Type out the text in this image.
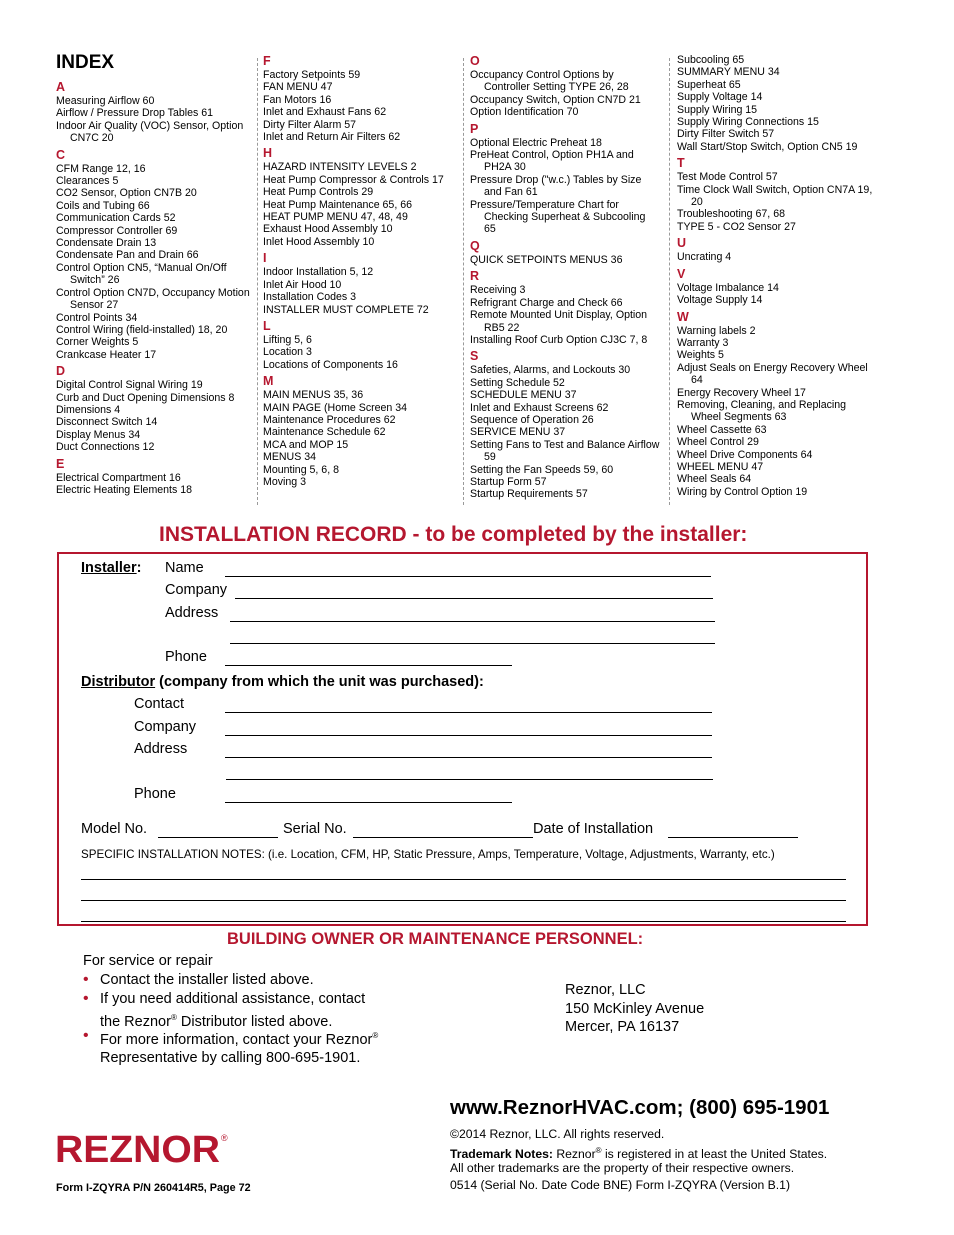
INDEX
A
Measuring Airflow 60
Airflow / Pressure Drop Tables 61
Indoor Air Quality (VOC) Sensor, Option CN7C 20
C
CFM Range 12, 16
Clearances 5
CO2 Sensor, Option CN7B 20
Coils and Tubing 66
Communication Cards 52
Compressor Controller 69
Condensate Drain 13
Condensate Pan and Drain 66
Control Option CN5, “Manual On/Off Switch” 26
Control Option CN7D, Occupancy Motion Sensor 27
Control Points 34
Control Wiring (field-installed) 18, 20
Corner Weights 5
Crankcase Heater 17
D
Digital Control Signal Wiring 19
Curb and Duct Opening Dimensions 8
Dimensions 4
Disconnect Switch 14
Display Menus 34
Duct Connections 12
E
Electrical Compartment 16
Electric Heating Elements 18
F
Factory Setpoints 59
FAN MENU 47
Fan Motors 16
Inlet and Exhaust Fans 62
Dirty Filter Alarm 57
Inlet and Return Air Filters 62
H
HAZARD INTENSITY LEVELS 2
Heat Pump Compressor & Controls 17
Heat Pump Controls 29
Heat Pump Maintenance 65, 66
HEAT PUMP MENU 47, 48, 49
Exhaust Hood Assembly 10
Inlet Hood Assembly 10
I
Indoor Installation 5, 12
Inlet Air Hood 10
Installation Codes 3
INSTALLER MUST COMPLETE 72
L
Lifting 5, 6
Location 3
Locations of Components 16
M
MAIN MENUS 35, 36
MAIN PAGE (Home Screen 34
Maintenance Procedures 62
Maintenance Schedule 62
MCA and MOP 15
MENUS 34
Mounting 5, 6, 8
Moving 3
O
Occupancy Control Options by Controller Setting TYPE 26, 28
Occupancy Switch, Option CN7D 21
Option Identification 70
P
Optional Electric Preheat 18
PreHeat Control, Option PH1A and PH2A 30
Pressure Drop ("w.c.) Tables by Size and Fan 61
Pressure/Temperature Chart for Checking Superheat & Subcooling 65
Q
QUICK SETPOINTS MENUS 36
R
Receiving 3
Refrigrant Charge and Check 66
Remote Mounted Unit Display, Option RB5 22
Installing Roof Curb Option CJ3C 7, 8
S
Safeties, Alarms, and Lockouts 30
Setting Schedule 52
SCHEDULE MENU 37
Inlet and Exhaust Screens 62
Sequence of Operation 26
SERVICE MENU 37
Setting Fans to Test and Balance Airflow 59
Setting the Fan Speeds 59, 60
Startup Form 57
Startup Requirements 57
Subcooling 65
SUMMARY MENU 34
Superheat 65
Supply Voltage 14
Supply Wiring 15
Supply Wiring Connections 15
Dirty Filter Switch 57
Wall Start/Stop Switch, Option CN5 19
T
Test Mode Control 57
Time Clock Wall Switch, Option CN7A 19, 20
Troubleshooting 67, 68
TYPE 5 - CO2 Sensor 27
U
Uncrating 4
V
Voltage Imbalance 14
Voltage Supply 14
W
Warning labels 2
Warranty 3
Weights 5
Adjust Seals on Energy Recovery Wheel 64
Energy Recovery Wheel 17
Removing, Cleaning, and Replacing Wheel Segments 63
Wheel Cassette 63
Wheel Control 29
Wheel Drive Components 64
WHEEL MENU 47
Wheel Seals 64
Wiring by Control Option 19
INSTALLATION RECORD - to be completed by the installer:
Installer: Name
Company
Address
Phone
Distributor (company from which the unit was purchased):
Contact
Company
Address
Phone
Model No.	Serial No.	Date of Installation
SPECIFIC INSTALLATION NOTES: (i.e. Location, CFM, HP, Static Pressure, Amps, Temperature, Voltage, Adjustments, Warranty, etc.)
BUILDING OWNER OR MAINTENANCE PERSONNEL:
For service or repair
• Contact the installer listed above.
• If you need additional assistance, contact
the Reznor® Distributor listed above.
• For more information, contact your Reznor®
Representative by calling 800-695-1901.
Reznor, LLC
150 McKinley Avenue
Mercer, PA 16137
www.ReznorHVAC.com; (800) 695-1901
©2014 Reznor, LLC. All rights reserved.
Trademark Notes: Reznor® is registered in at least the United States.
All other trademarks are the property of their respective owners.
0514 (Serial No. Date Code BNE) Form I-ZQYRA (Version B.1)
REZNOR ®
Form I-ZQYRA P/N 260414R5, Page 72
